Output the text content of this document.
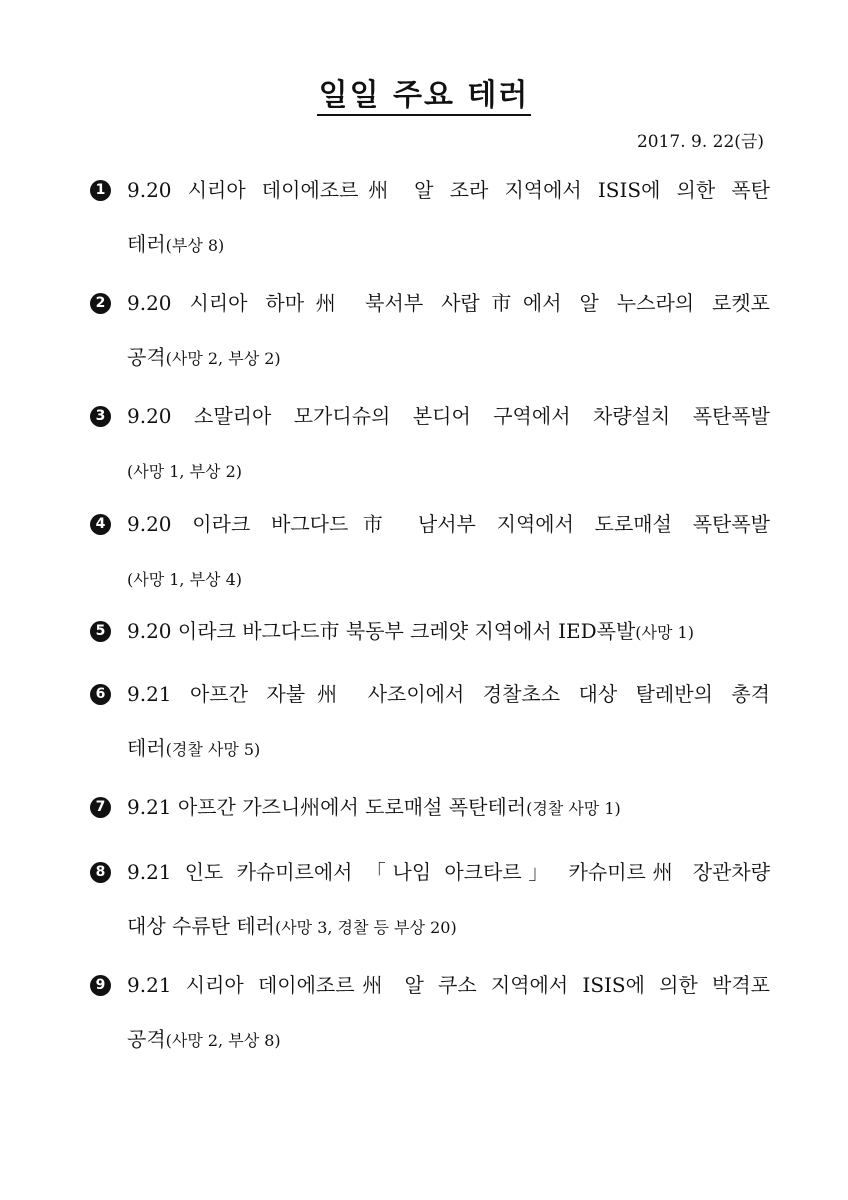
일일 주요 테러
2017. 9. 22(금)
1 9.20 시리아 데이에조르州 알 조라 지역에서 ISIS에 의한 폭탄
테러(부상 8)
2 9.20 시리아 하마州 북서부 사랍市에서 알 누스라의 로켓포
공격(사망 2, 부상 2)
3 9.20 소말리아 모가디슈의 본디어 구역에서 차량설치 폭탄폭발
(사망 1, 부상 2)
4 9.20 이라크 바그다드市 남서부 지역에서 도로매설 폭탄폭발
(사망 1, 부상 4)
5 9.20 이라크 바그다드市 북동부 크레얏 지역에서 IED폭발(사망 1)
6 9.21 아프간 자불州 사조이에서 경찰초소 대상 탈레반의 총격
테러(경찰 사망 5)
7 9.21 아프간 가즈니州에서 도로매설 폭탄테러(경찰 사망 1)
8 9.21 인도 카슈미르에서 「나임 아크타르」 카슈미르州 장관차량
대상 수류탄 테러(사망 3, 경찰 등 부상 20)
9 9.21 시리아 데이에조르州 알 쿠소 지역에서 ISIS에 의한 박격포
공격(사망 2, 부상 8)
